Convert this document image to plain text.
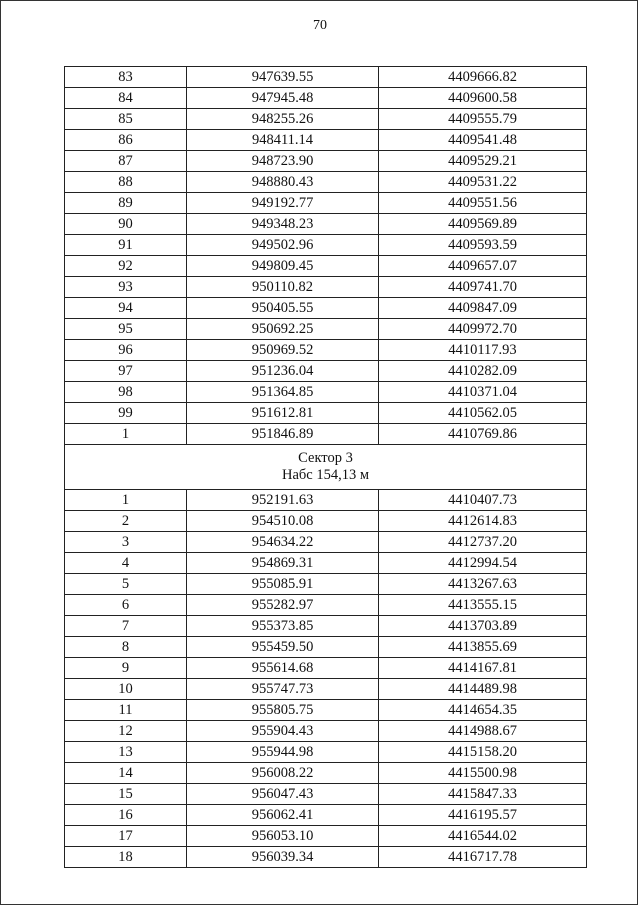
70
83	947639.55	4409666.82
84	947945.48	4409600.58
85	948255.26	4409555.79
86	948411.14	4409541.48
87	948723.90	4409529.21
88	948880.43	4409531.22
89	949192.77	4409551.56
90	949348.23	4409569.89
91	949502.96	4409593.59
92	949809.45	4409657.07
93	950110.82	4409741.70
94	950405.55	4409847.09
95	950692.25	4409972.70
96	950969.52	4410117.93
97	951236.04	4410282.09
98	951364.85	4410371.04
99	951612.81	4410562.05
1	951846.89	4410769.86

Сектор 3
Набс 154,13 м		

1	952191.63	4410407.73
2	954510.08	4412614.83
3	954634.22	4412737.20
4	954869.31	4412994.54
5	955085.91	4413267.63
6	955282.97	4413555.15
7	955373.85	4413703.89
8	955459.50	4413855.69
9	955614.68	4414167.81
10	955747.73	4414489.98
11	955805.75	4414654.35
12	955904.43	4414988.67
13	955944.98	4415158.20
14	956008.22	4415500.98
15	956047.43	4415847.33
16	956062.41	4416195.57
17	956053.10	4416544.02
18	956039.34	4416717.78
